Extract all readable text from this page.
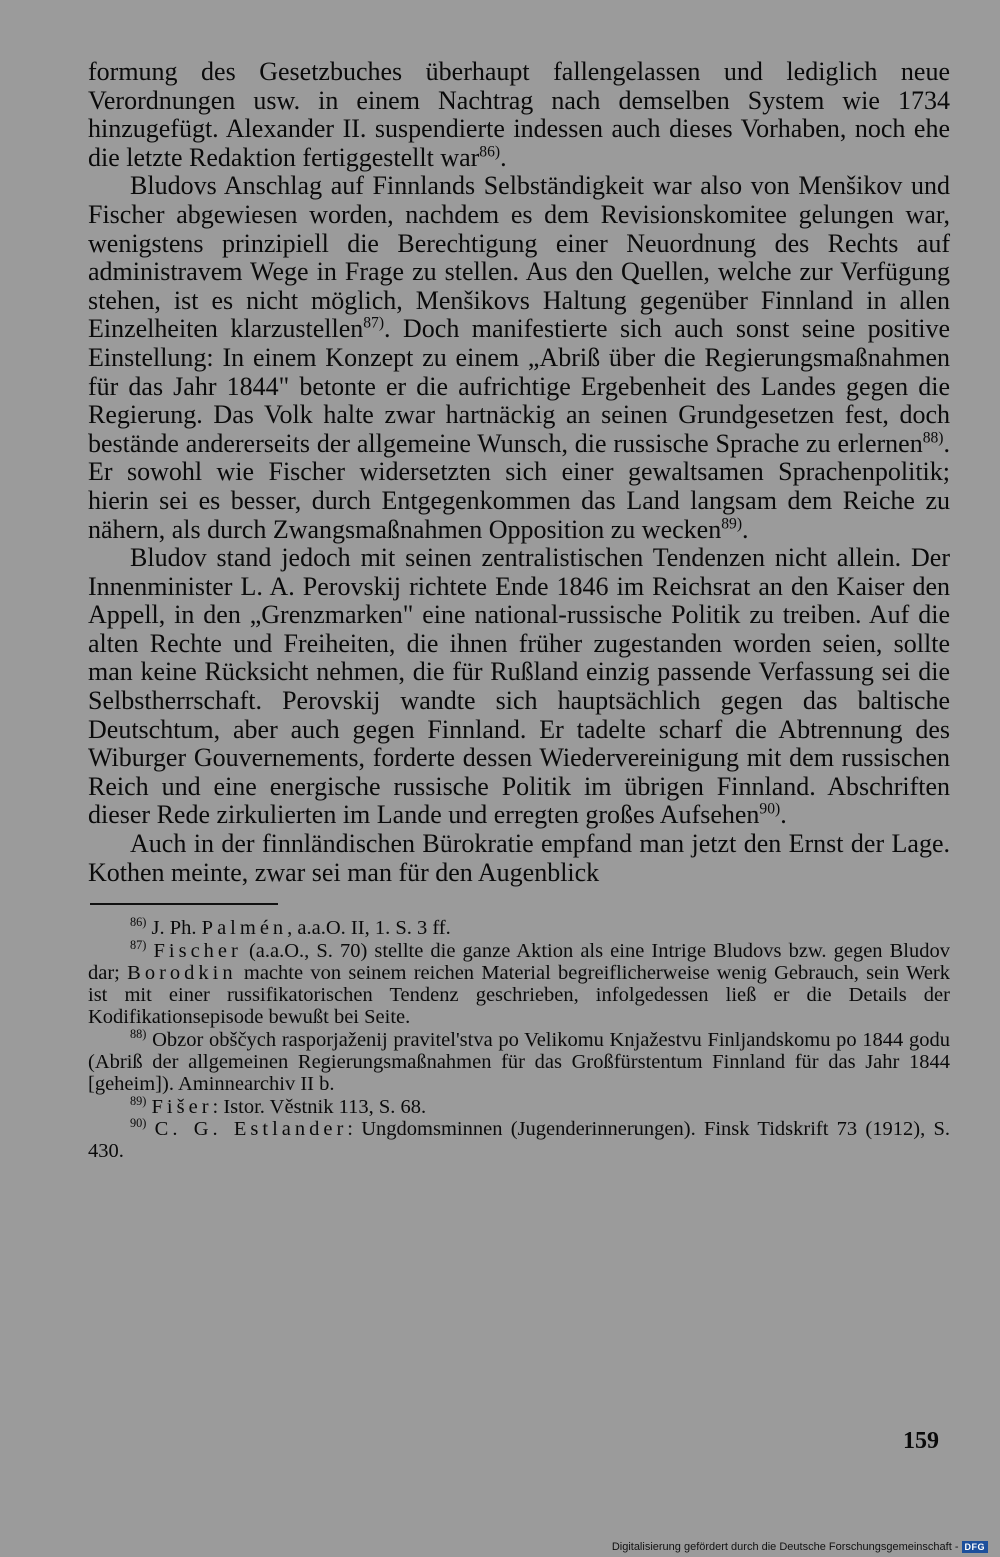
formung des Gesetzbuches überhaupt fallengelassen und lediglich neue Verordnungen usw. in einem Nachtrag nach demselben System wie 1734 hinzugefügt. Alexander II. suspendierte indessen auch dieses Vorhaben, noch ehe die letzte Redaktion fertiggestellt war$^{86)}$.

Bludovs Anschlag auf Finnlands Selbständigkeit war also von Menšikov und Fischer abgewiesen worden, nachdem es dem Revisionskomitee gelungen war, wenigstens prinzipiell die Berechtigung einer Neuordnung des Rechts auf administravem Wege in Frage zu stellen. Aus den Quellen, welche zur Verfügung stehen, ist es nicht möglich, Menšikovs Haltung gegenüber Finnland in allen Einzelheiten klarzustellen$^{87)}$. Doch manifestierte sich auch sonst seine positive Einstellung: In einem Konzept zu einem „Abriß über die Regierungsmaßnahmen für das Jahr 1844" betonte er die aufrichtige Ergebenheit des Landes gegen die Regierung. Das Volk halte zwar hartnäckig an seinen Grundgesetzen fest, doch bestände andererseits der allgemeine Wunsch, die russische Sprache zu erlernen$^{88)}$. Er sowohl wie Fischer widersetzten sich einer gewaltsamen Sprachenpolitik; hierin sei es besser, durch Entgegenkommen das Land langsam dem Reiche zu nähern, als durch Zwangsmaßnahmen Opposition zu wecken$^{89)}$.

Bludov stand jedoch mit seinen zentralistischen Tendenzen nicht allein. Der Innenminister L. A. Perovskij richtete Ende 1846 im Reichsrat an den Kaiser den Appell, in den „Grenzmarken" eine national-russische Politik zu treiben. Auf die alten Rechte und Freiheiten, die ihnen früher zugestanden worden seien, sollte man keine Rücksicht nehmen, die für Rußland einzig passende Verfassung sei die Selbstherrschaft. Perovskij wandte sich hauptsächlich gegen das baltische Deutschtum, aber auch gegen Finnland. Er tadelte scharf die Abtrennung des Wiburger Gouvernements, forderte dessen Wiedervereinigung mit dem russischen Reich und eine energische russische Politik im übrigen Finnland. Abschriften dieser Rede zirkulierten im Lande und erregten großes Aufsehen$^{90)}$.

Auch in der finnländischen Bürokratie empfand man jetzt den Ernst der Lage. Kothen meinte, zwar sei man für den Augenblick

$^{86)}$ J. Ph. Palmén, a.a.O. II, 1. S. 3 ff.

$^{87)}$ Fischer (a.a.O., S. 70) stellte die ganze Aktion als eine Intrige Bludovs bzw. gegen Bludov dar; Borodkin machte von seinem reichen Material begreiflicherweise wenig Gebrauch, sein Werk ist mit einer russifikatorischen Tendenz geschrieben, infolgedessen ließ er die Details der Kodifikationsepisode bewußt bei Seite.

$^{88)}$ Obzor obščych rasporjaženij pravitel'stva po Velikomu Knjažestvu Finljandskomu po 1844 godu (Abriß der allgemeinen Regierungsmaßnahmen für das Großfürstentum Finnland für das Jahr 1844 [geheim]). Aminnearchiv II b.

$^{89)}$ Fišer: Istor. Věstnik 113, S. 68.

$^{90)}$ C. G. Estlander: Ungdomsminnen (Jugenderinnerungen). Finsk Tidskrift 73 (1912), S. 430.

159
Digitalisierung gefördert durch die Deutsche Forschungsgemeinschaft - DFG
